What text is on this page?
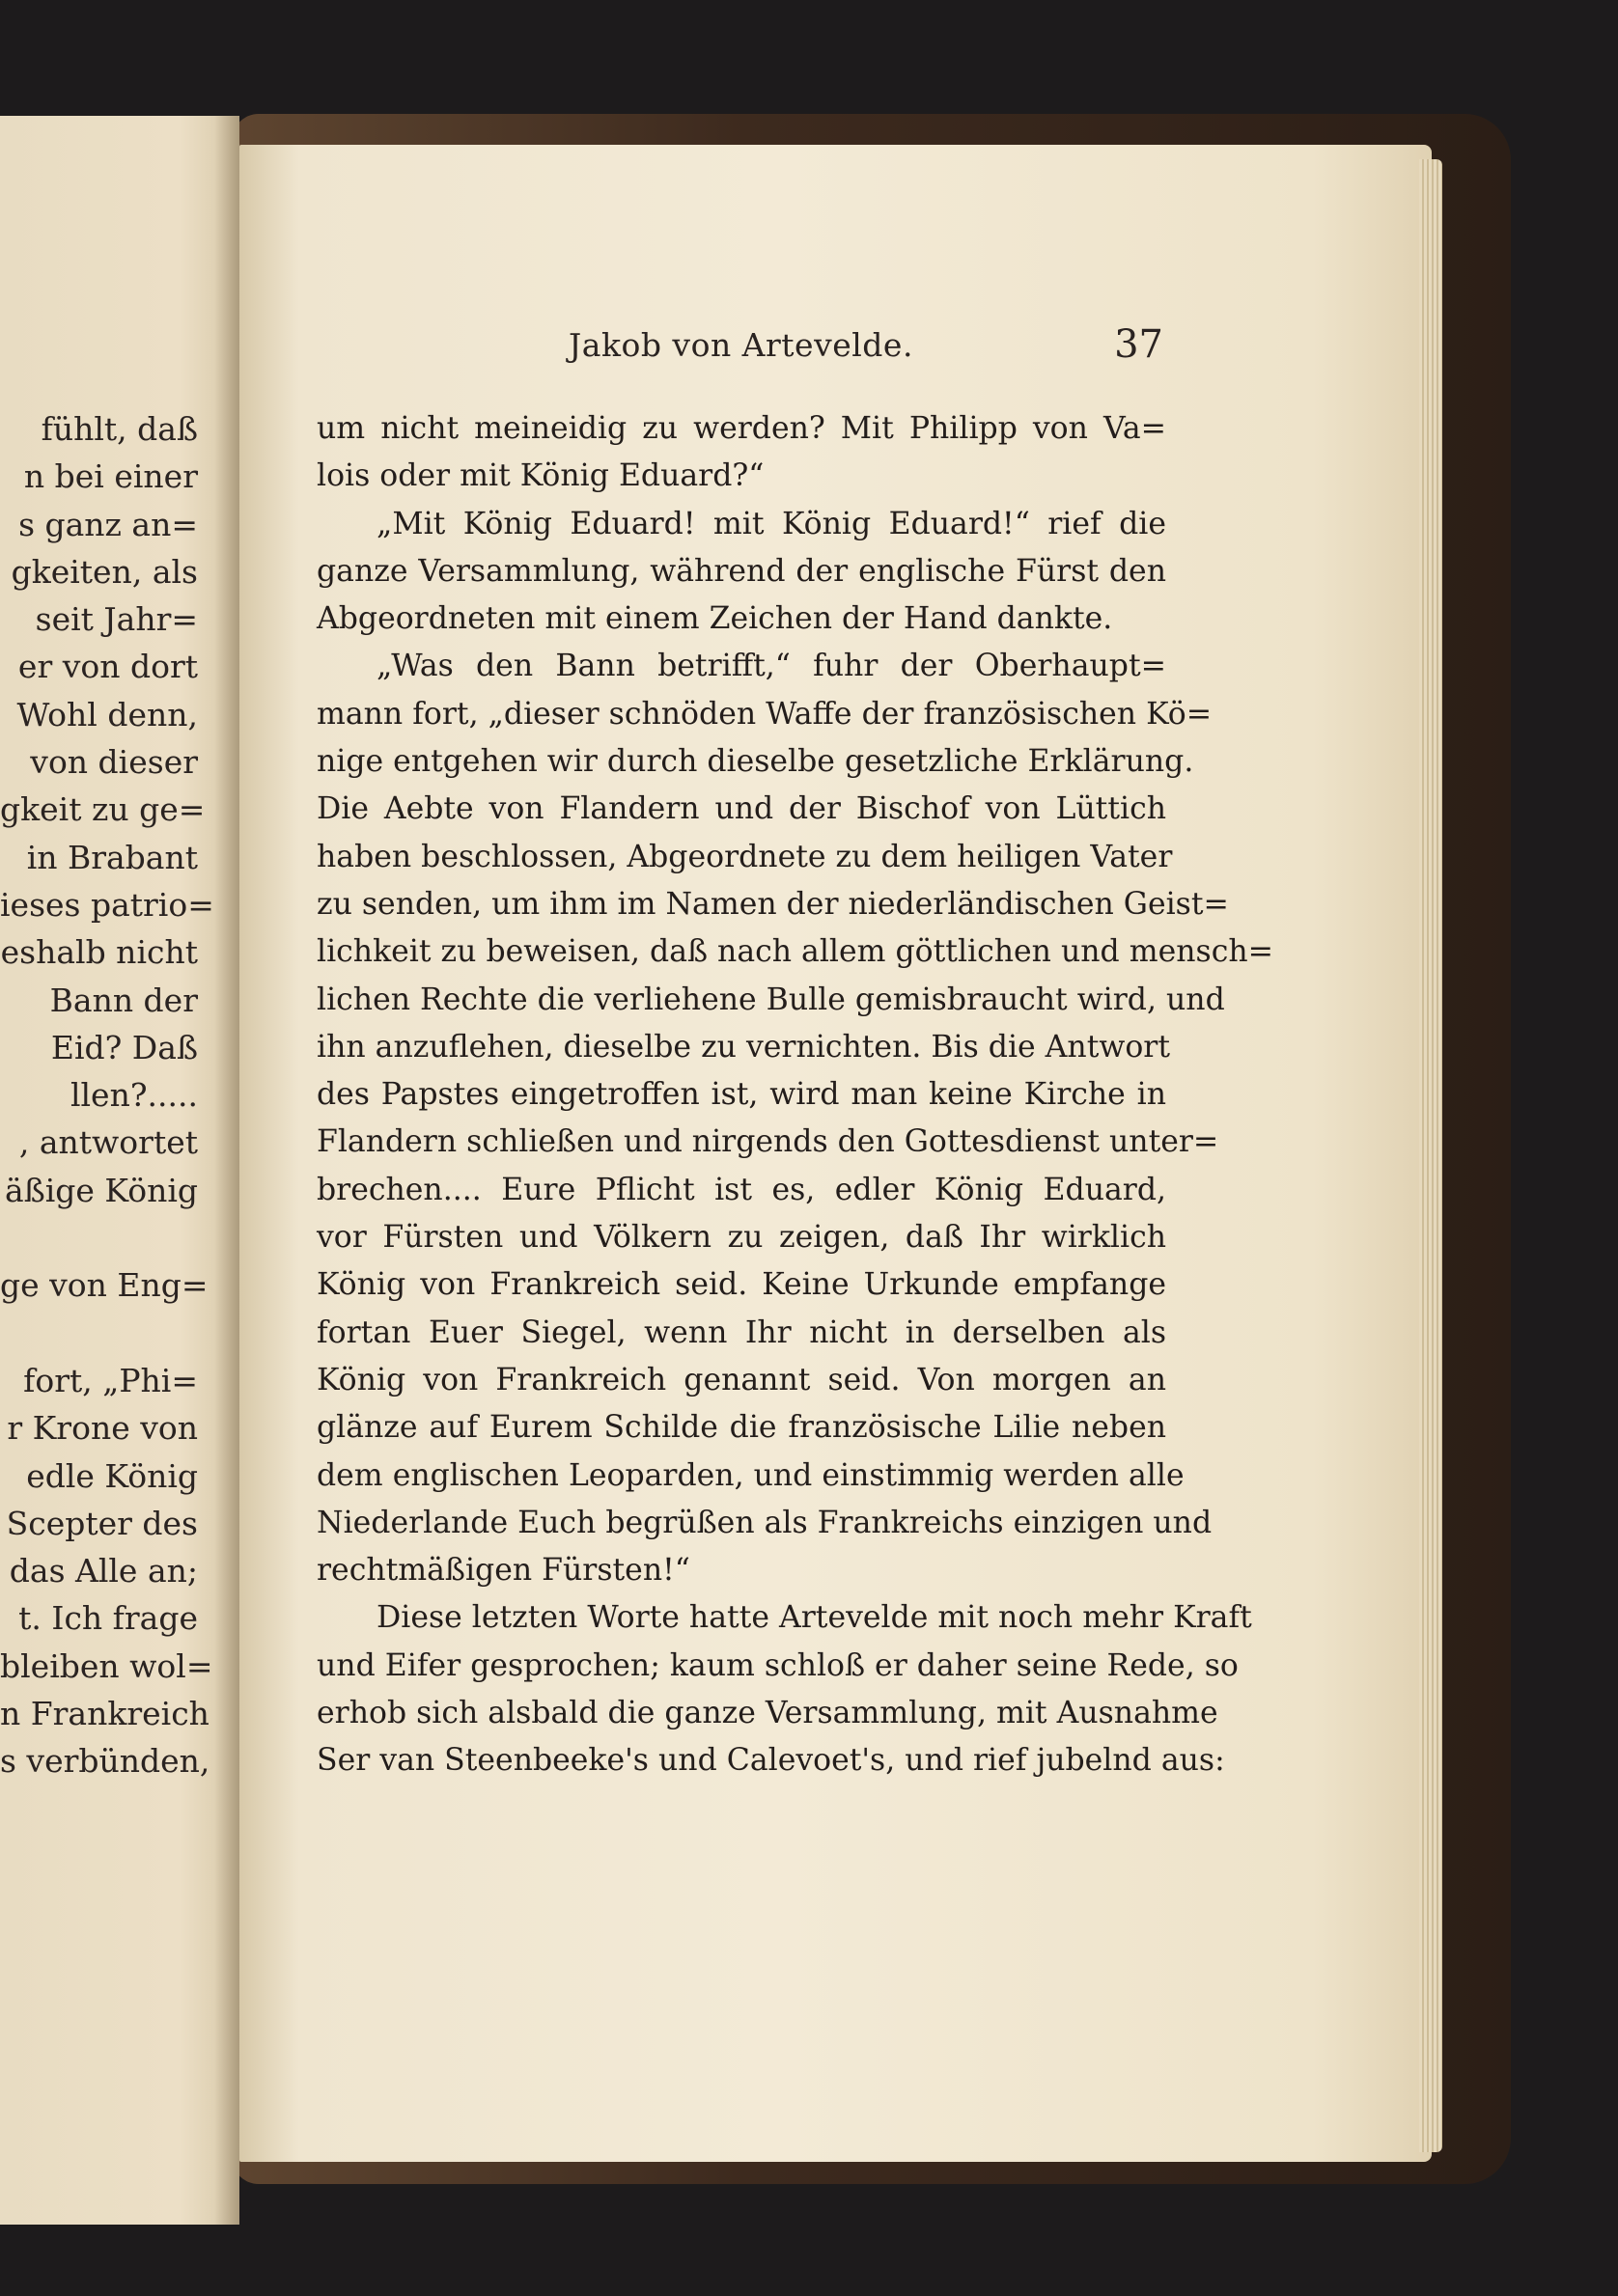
fühlt, daß
n bei einer
s ganz an=
gkeiten, als
seit Jahr=
er von dort
Wohl denn,
von dieser
gkeit zu ge=
in Brabant
ieses patrio=
eshalb nicht
Bann der
Eid? Daß
llen?.....
, antwortet
äßige König
ge von Eng=
fort, „Phi=
r Krone von
edle König
Scepter des
das Alle an;
t. Ich frage
bleiben wol=
n Frankreich
s verbünden,
Jakob von Artevelde.	37
um nicht meineidig zu werden? Mit Philipp von Va=
lois oder mit König Eduard?“
„Mit König Eduard! mit König Eduard!“ rief die
ganze Versammlung, während der englische Fürst den
Abgeordneten mit einem Zeichen der Hand dankte.
„Was den Bann betrifft,“ fuhr der Oberhaupt=
mann fort, „dieser schnöden Waffe der französischen Kö=
nige entgehen wir durch dieselbe gesetzliche Erklärung.
Die Aebte von Flandern und der Bischof von Lüttich
haben beschlossen, Abgeordnete zu dem heiligen Vater
zu senden, um ihm im Namen der niederländischen Geist=
lichkeit zu beweisen, daß nach allem göttlichen und mensch=
lichen Rechte die verliehene Bulle gemisbraucht wird, und
ihn anzuflehen, dieselbe zu vernichten. Bis die Antwort
des Papstes eingetroffen ist, wird man keine Kirche in
Flandern schließen und nirgends den Gottesdienst unter=
brechen.... Eure Pflicht ist es, edler König Eduard,
vor Fürsten und Völkern zu zeigen, daß Ihr wirklich
König von Frankreich seid. Keine Urkunde empfange
fortan Euer Siegel, wenn Ihr nicht in derselben als
König von Frankreich genannt seid. Von morgen an
glänze auf Eurem Schilde die französische Lilie neben
dem englischen Leoparden, und einstimmig werden alle
Niederlande Euch begrüßen als Frankreichs einzigen und
rechtmäßigen Fürsten!“
Diese letzten Worte hatte Artevelde mit noch mehr Kraft
und Eifer gesprochen; kaum schloß er daher seine Rede, so
erhob sich alsbald die ganze Versammlung, mit Ausnahme
Ser van Steenbeeke's und Calevoet's, und rief jubelnd aus:
